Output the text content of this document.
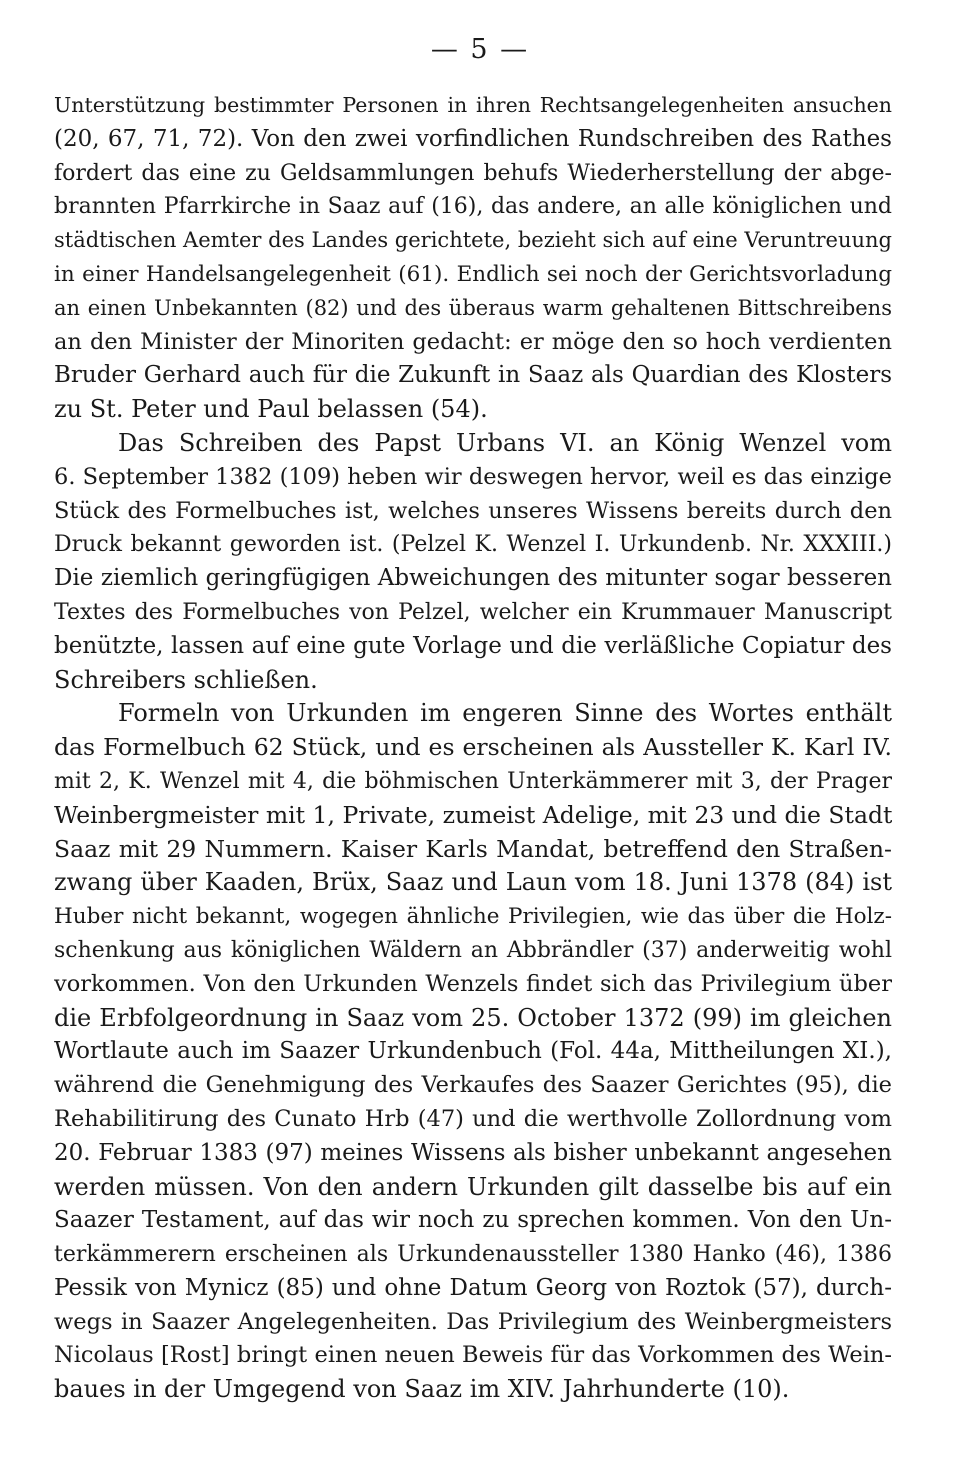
— 5 —
Unterstützung bestimmter Personen in ihren Rechtsangelegenheiten ansuchen
(20, 67, 71, 72). Von den zwei vorfindlichen Rundschreiben des Rathes
fordert das eine zu Geldsammlungen behufs Wiederherstellung der abge-
brannten Pfarrkirche in Saaz auf (16), das andere, an alle königlichen und
städtischen Aemter des Landes gerichtete, bezieht sich auf eine Veruntreuung
in einer Handelsangelegenheit (61). Endlich sei noch der Gerichtsvorladung
an einen Unbekannten (82) und des überaus warm gehaltenen Bittschreibens
an den Minister der Minoriten gedacht: er möge den so hoch verdienten
Bruder Gerhard auch für die Zukunft in Saaz als Quardian des Klosters
zu St. Peter und Paul belassen (54).
Das Schreiben des Papst Urbans VI. an König Wenzel vom
6. September 1382 (109) heben wir deswegen hervor, weil es das einzige
Stück des Formelbuches ist, welches unseres Wissens bereits durch den
Druck bekannt geworden ist. (Pelzel K. Wenzel I. Urkundenb. Nr. XXXIII.)
Die ziemlich geringfügigen Abweichungen des mitunter sogar besseren
Textes des Formelbuches von Pelzel, welcher ein Krummauer Manuscript
benützte, lassen auf eine gute Vorlage und die verläßliche Copiatur des
Schreibers schließen.
Formeln von Urkunden im engeren Sinne des Wortes enthält
das Formelbuch 62 Stück, und es erscheinen als Aussteller K. Karl IV.
mit 2, K. Wenzel mit 4, die böhmischen Unterkämmerer mit 3, der Prager
Weinbergmeister mit 1, Private, zumeist Adelige, mit 23 und die Stadt
Saaz mit 29 Nummern. Kaiser Karls Mandat, betreffend den Straßen-
zwang über Kaaden, Brüx, Saaz und Laun vom 18. Juni 1378 (84) ist
Huber nicht bekannt, wogegen ähnliche Privilegien, wie das über die Holz-
schenkung aus königlichen Wäldern an Abbrändler (37) anderweitig wohl
vorkommen. Von den Urkunden Wenzels findet sich das Privilegium über
die Erbfolgeordnung in Saaz vom 25. October 1372 (99) im gleichen
Wortlaute auch im Saazer Urkundenbuch (Fol. 44a, Mittheilungen XI.),
während die Genehmigung des Verkaufes des Saazer Gerichtes (95), die
Rehabilitirung des Cunato Hrb (47) und die werthvolle Zollordnung vom
20. Februar 1383 (97) meines Wissens als bisher unbekannt angesehen
werden müssen. Von den andern Urkunden gilt dasselbe bis auf ein
Saazer Testament, auf das wir noch zu sprechen kommen. Von den Un-
terkämmerern erscheinen als Urkundenaussteller 1380 Hanko (46), 1386
Pessik von Mynicz (85) und ohne Datum Georg von Roztok (57), durch-
wegs in Saazer Angelegenheiten. Das Privilegium des Weinbergmeisters
Nicolaus [Rost] bringt einen neuen Beweis für das Vorkommen des Wein-
baues in der Umgegend von Saaz im XIV. Jahrhunderte (10).
